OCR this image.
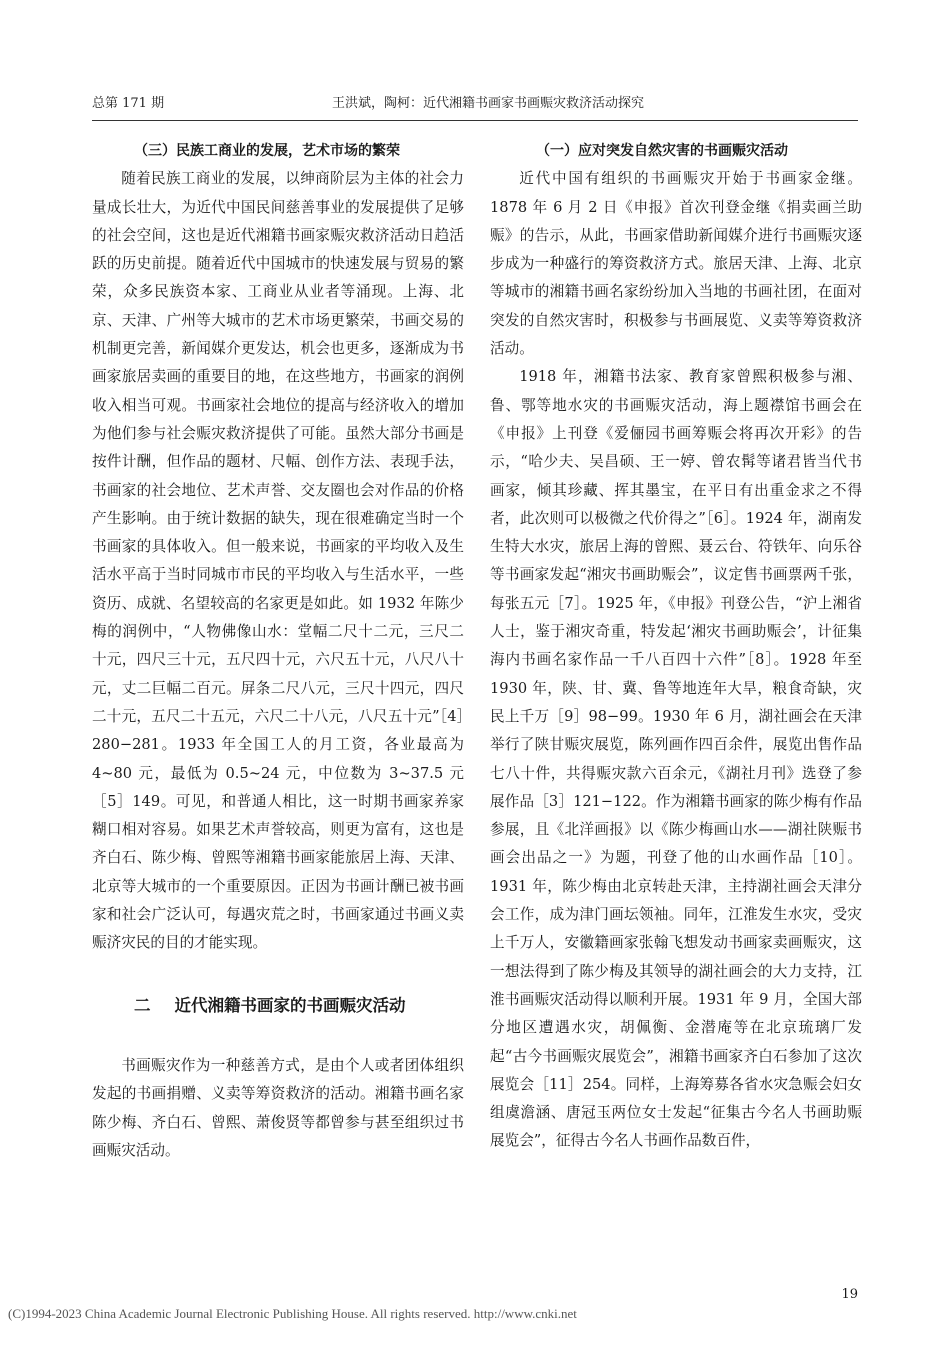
总第 171 期	王洪斌，陶柯：近代湘籍书画家书画赈灾救济活动探究
（三）民族工商业的发展，艺术市场的繁荣

随着民族工商业的发展，以绅商阶层为主体的社会力量成长壮大，为近代中国民间慈善事业的发展提供了足够的社会空间，这也是近代湘籍书画家赈灾救济活动日趋活跃的历史前提。随着近代中国城市的快速发展与贸易的繁荣，众多民族资本家、工商业从业者等涌现。上海、北京、天津、广州等大城市的艺术市场更繁荣，书画交易的机制更完善，新闻媒介更发达，机会也更多，逐渐成为书画家旅居卖画的重要目的地，在这些地方，书画家的润例收入相当可观。书画家社会地位的提高与经济收入的增加为他们参与社会赈灾救济提供了可能。虽然大部分书画是按件计酬，但作品的题材、尺幅、创作方法、表现手法，书画家的社会地位、艺术声誉、交友圈也会对作品的价格产生影响。由于统计数据的缺失，现在很难确定当时一个书画家的具体收入。但一般来说，书画家的平均收入及生活水平高于当时同城市市民的平均收入与生活水平，一些资历、成就、名望较高的名家更是如此。如 1932 年陈少梅的润例中，“人物佛像山水：堂幅二尺十二元，三尺二十元，四尺三十元，五尺四十元，六尺五十元，八尺八十元，丈二巨幅二百元。屏条二尺八元，三尺十四元，四尺二十元，五尺二十五元，六尺二十八元，八尺五十元”［4］280−281。1933 年全国工人的月工资，各业最高为 4~80 元，最低为 0.5~24 元，中位数为 3~37.5 元［5］149。可见，和普通人相比，这一时期书画家养家糊口相对容易。如果艺术声誉较高，则更为富有，这也是齐白石、陈少梅、曾熙等湘籍书画家能旅居上海、天津、北京等大城市的一个重要原因。正因为书画计酬已被书画家和社会广泛认可，每遇灾荒之时，书画家通过书画义卖赈济灾民的目的才能实现。

二 近代湘籍书画家的书画赈灾活动

书画赈灾作为一种慈善方式，是由个人或者团体组织发起的书画捐赠、义卖等筹资救济的活动。湘籍书画名家陈少梅、齐白石、曾熙、萧俊贤等都曾参与甚至组织过书画赈灾活动。

（一）应对突发自然灾害的书画赈灾活动

近代中国有组织的书画赈灾开始于书画家金继。1878 年 6 月 2 日《申报》首次刊登金继《捐卖画兰助赈》的告示，从此，书画家借助新闻媒介进行书画赈灾逐步成为一种盛行的筹资救济方式。旅居天津、上海、北京等城市的湘籍书画名家纷纷加入当地的书画社团，在面对突发的自然灾害时，积极参与书画展览、义卖等筹资救济活动。

1918 年，湘籍书法家、教育家曾熙积极参与湘、鲁、鄂等地水灾的书画赈灾活动，海上题襟馆书画会在《申报》上刊登《爱俪园书画筹赈会将再次开彩》的告示，“哈少夫、吴昌硕、王一婷、曾农髯等诸君皆当代书画家，倾其珍藏、挥其墨宝，在平日有出重金求之不得者，此次则可以极微之代价得之”［6］。1924 年，湖南发生特大水灾，旅居上海的曾熙、聂云台、符铁年、向乐谷等书画家发起“湘灾书画助赈会”，议定售书画票两千张，每张五元［7］。1925 年，《申报》刊登公告，“沪上湘省人士，鉴于湘灾奇重，特发起‘湘灾书画助赈会’，计征集海内书画名家作品一千八百四十六件”［8］。1928 年至 1930 年，陕、甘、冀、鲁等地连年大旱，粮食奇缺，灾民上千万［9］98−99。1930 年 6 月，湖社画会在天津举行了陕甘赈灾展览，陈列画作四百余件，展览出售作品七八十件，共得赈灾款六百余元，《湖社月刊》选登了参展作品［3］121−122。作为湘籍书画家的陈少梅有作品参展，且《北洋画报》以《陈少梅画山水——湖社陕赈书画会出品之一》为题，刊登了他的山水画作品［10］。1931 年，陈少梅由北京转赴天津，主持湖社画会天津分会工作，成为津门画坛领袖。同年，江淮发生水灾，受灾上千万人，安徽籍画家张翰飞想发动书画家卖画赈灾，这一想法得到了陈少梅及其领导的湖社画会的大力支持，江淮书画赈灾活动得以顺利开展。1931 年 9 月，全国大部分地区遭遇水灾，胡佩衡、金潜庵等在北京琉璃厂发起“古今书画赈灾展览会”，湘籍书画家齐白石参加了这次展览会［11］254。同样，上海筹募各省水灾急赈会妇女组虞澹涵、唐冠玉两位女士发起“征集古今名人书画助赈展览会”，征得古今名人书画作品数百件，

19
(C)1994-2023 China Academic Journal Electronic Publishing House. All rights reserved. http://www.cnki.net
